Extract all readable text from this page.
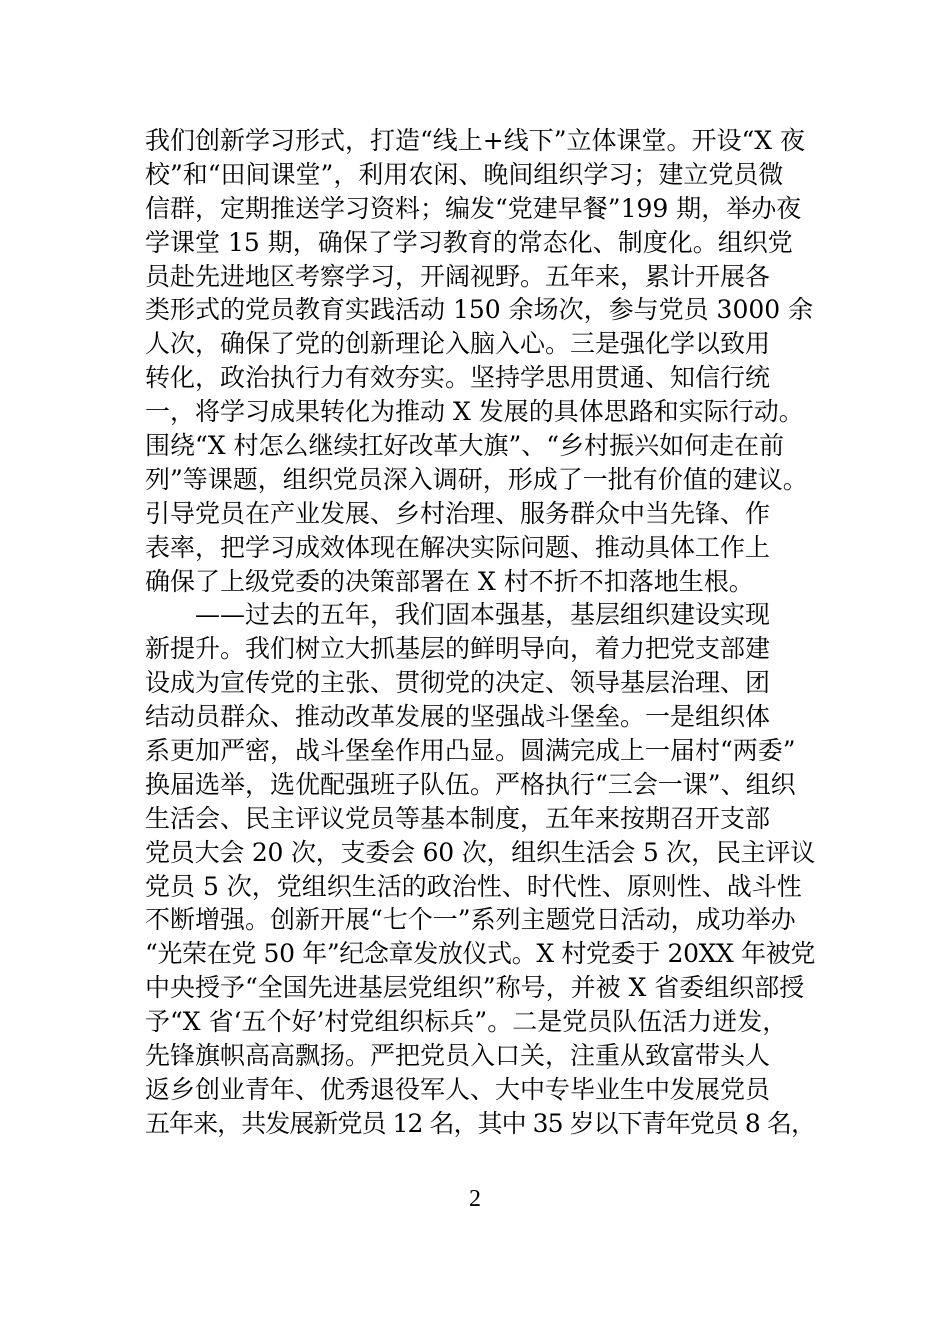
我们创新学习形式，打造“线上+线下”立体课堂。开设“X 夜
校”和“田间课堂”，利用农闲、晚间组织学习；建立党员微
信群，定期推送学习资料；编发“党建早餐”199 期，举办夜
学课堂 15 期，确保了学习教育的常态化、制度化。组织党
员赴先进地区考察学习，开阔视野。五年来，累计开展各
类形式的党员教育实践活动 150 余场次，参与党员 3000 余
人次，确保了党的创新理论入脑入心。三是强化学以致用
转化，政治执行力有效夯实。坚持学思用贯通、知信行统
一，将学习成果转化为推动 X 发展的具体思路和实际行动。
围绕“X 村怎么继续扛好改革大旗”、“乡村振兴如何走在前
列”等课题，组织党员深入调研，形成了一批有价值的建议。
引导党员在产业发展、乡村治理、服务群众中当先锋、作
表率，把学习成效体现在解决实际问题、推动具体工作上
确保了上级党委的决策部署在 X 村不折不扣落地生根。
——过去的五年，我们固本强基，基层组织建设实现
新提升。我们树立大抓基层的鲜明导向，着力把党支部建
设成为宣传党的主张、贯彻党的决定、领导基层治理、团
结动员群众、推动改革发展的坚强战斗堡垒。一是组织体
系更加严密，战斗堡垒作用凸显。圆满完成上一届村“两委”
换届选举，选优配强班子队伍。严格执行“三会一课”、组织
生活会、民主评议党员等基本制度，五年来按期召开支部
党员大会 20 次，支委会 60 次，组织生活会 5 次，民主评议
党员 5 次，党组织生活的政治性、时代性、原则性、战斗性
不断增强。创新开展“七个一”系列主题党日活动，成功举办
“光荣在党 50 年”纪念章发放仪式。X 村党委于 20XX 年被党
中央授予“全国先进基层党组织”称号，并被 X 省委组织部授
予“X 省‘五个好’村党组织标兵”。二是党员队伍活力迸发，
先锋旗帜高高飘扬。严把党员入口关，注重从致富带头人
返乡创业青年、优秀退役军人、大中专毕业生中发展党员
五年来，共发展新党员 12 名，其中 35 岁以下青年党员 8 名，
2
